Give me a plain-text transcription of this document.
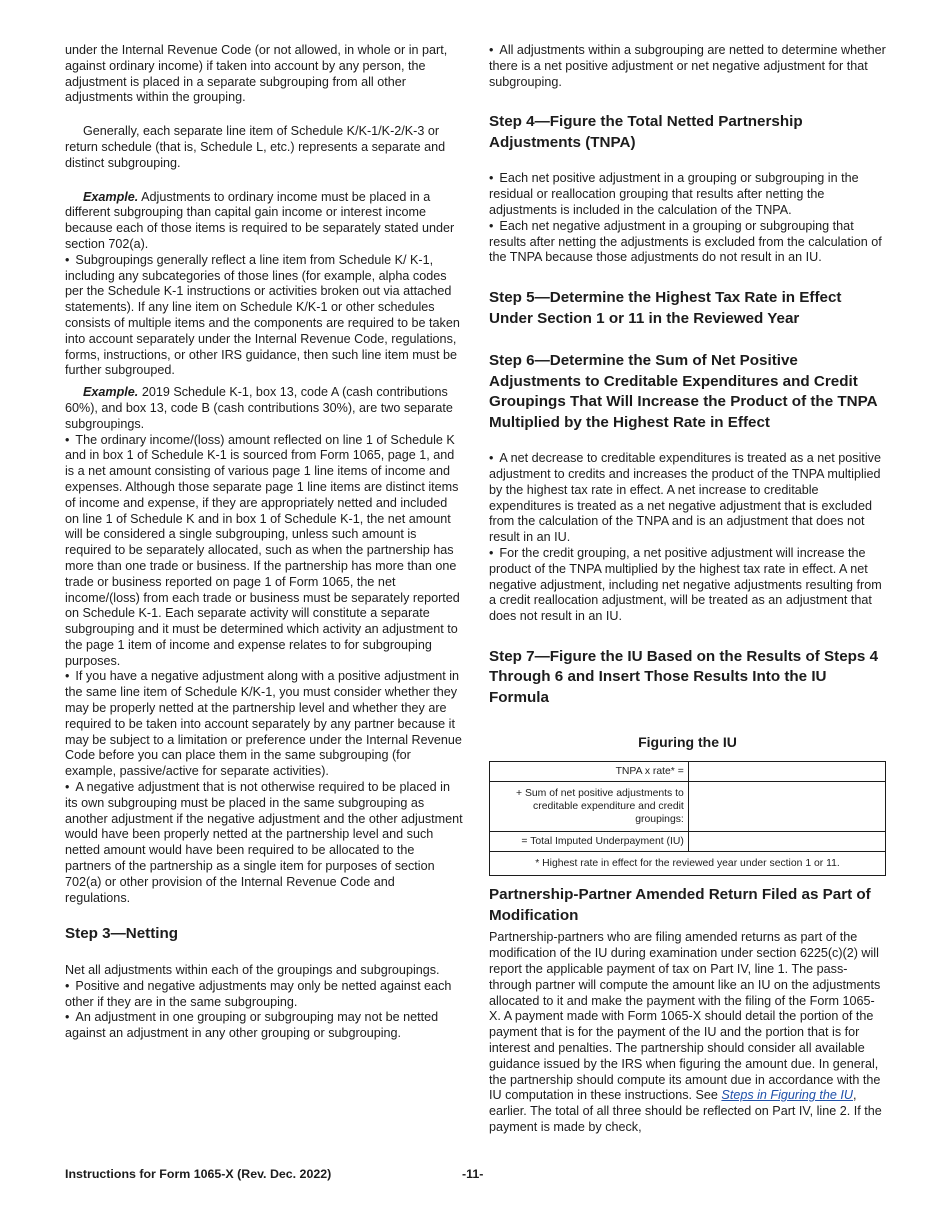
under the Internal Revenue Code (or not allowed, in whole or in part, against ordinary income) if taken into account by any person, the adjustment is placed in a separate subgrouping from all other adjustments within the grouping.

Generally, each separate line item of Schedule K/K-1/K-2/K-3 or return schedule (that is, Schedule L, etc.) represents a separate and distinct subgrouping.

Example. Adjustments to ordinary income must be placed in a different subgrouping than capital gain income or interest income because each of those items is required to be separately stated under section 702(a).

• Subgroupings generally reflect a line item from Schedule K/ K-1, including any subcategories of those lines (for example, alpha codes per the Schedule K-1 instructions or activities broken out via attached statements). If any line item on Schedule K/K-1 or other schedules consists of multiple items and the components are required to be taken into account separately under the Internal Revenue Code, regulations, forms, instructions, or other IRS guidance, then such line item must be further subgrouped.

Example. 2019 Schedule K-1, box 13, code A (cash contributions 60%), and box 13, code B (cash contributions 30%), are two separate subgroupings.

• The ordinary income/(loss) amount reflected on line 1 of Schedule K and in box 1 of Schedule K-1 is sourced from Form 1065, page 1, and is a net amount consisting of various page 1 line items of income and expenses. Although those separate page 1 line items are distinct items of income and expense, if they are appropriately netted and included on line 1 of Schedule K and in box 1 of Schedule K-1, the net amount will be considered a single subgrouping, unless such amount is required to be separately allocated, such as when the partnership has more than one trade or business. If the partnership has more than one trade or business reported on page 1 of Form 1065, the net income/(loss) from each trade or business must be separately reported on Schedule K-1. Each separate activity will constitute a separate subgrouping and it must be determined which activity an adjustment to the page 1 item of income and expense relates to for subgrouping purposes.

• If you have a negative adjustment along with a positive adjustment in the same line item of Schedule K/K-1, you must consider whether they may be properly netted at the partnership level and whether they are required to be taken into account separately by any partner because it may be subject to a limitation or preference under the Internal Revenue Code before you can place them in the same subgrouping (for example, passive/active for separate activities).

• A negative adjustment that is not otherwise required to be placed in its own subgrouping must be placed in the same subgrouping as another adjustment if the negative adjustment and the other adjustment would have been properly netted at the partnership level and such netted amount would have been required to be allocated to the partners of the partnership as a single item for purposes of section 702(a) or other provision of the Internal Revenue Code and regulations.

Step 3—Netting

Net all adjustments within each of the groupings and subgroupings.

• Positive and negative adjustments may only be netted against each other if they are in the same subgrouping.

• An adjustment in one grouping or subgrouping may not be netted against an adjustment in any other grouping or subgrouping.

• All adjustments within a subgrouping are netted to determine whether there is a net positive adjustment or net negative adjustment for that subgrouping.

Step 4—Figure the Total Netted Partnership Adjustments (TNPA)

• Each net positive adjustment in a grouping or subgrouping in the residual or reallocation grouping that results after netting the adjustments is included in the calculation of the TNPA.

• Each net negative adjustment in a grouping or subgrouping that results after netting the adjustments is excluded from the calculation of the TNPA because those adjustments do not result in an IU.

Step 5—Determine the Highest Tax Rate in Effect Under Section 1 or 11 in the Reviewed Year
Step 6—Determine the Sum of Net Positive Adjustments to Creditable Expenditures and Credit Groupings That Will Increase the Product of the TNPA Multiplied by the Highest Rate in Effect

• A net decrease to creditable expenditures is treated as a net positive adjustment to credits and increases the product of the TNPA multiplied by the highest tax rate in effect. A net increase to creditable expenditures is treated as a net negative adjustment that is excluded from the calculation of the TNPA and is an adjustment that does not result in an IU.

• For the credit grouping, a net positive adjustment will increase the product of the TNPA multiplied by the highest tax rate in effect. A net negative adjustment, including net negative adjustments resulting from a credit reallocation adjustment, will be treated as an adjustment that does not result in an IU.

Step 7—Figure the IU Based on the Results of Steps 4 Through 6 and Insert Those Results Into the IU Formula
Figuring the IU
TNPA x rate* =	
+ Sum of net positive adjustments to creditable expenditure and credit groupings:	
= Total Imputed Underpayment (IU)	
* Highest rate in effect for the reviewed year under section 1 or 11.	
Partnership-Partner Amended Return Filed as Part of Modification

Partnership-partners who are filing amended returns as part of the modification of the IU during examination under section 6225(c)(2) will report the applicable payment of tax on Part IV, line 1. The pass-through partner will compute the amount like an IU on the adjustments allocated to it and make the payment with the filing of the Form 1065-X. A payment made with Form 1065-X should detail the portion of the payment that is for the payment of the IU and the portion that is for interest and penalties. The partnership should consider all available guidance issued by the IRS when figuring the amount due. In general, the partnership should compute its amount due in accordance with the IU computation in these instructions. See Steps in Figuring the IU, earlier. The total of all three should be reflected on Part IV, line 2. If the payment is made by check,

Instructions for Form 1065-X (Rev. Dec. 2022)	-11-
